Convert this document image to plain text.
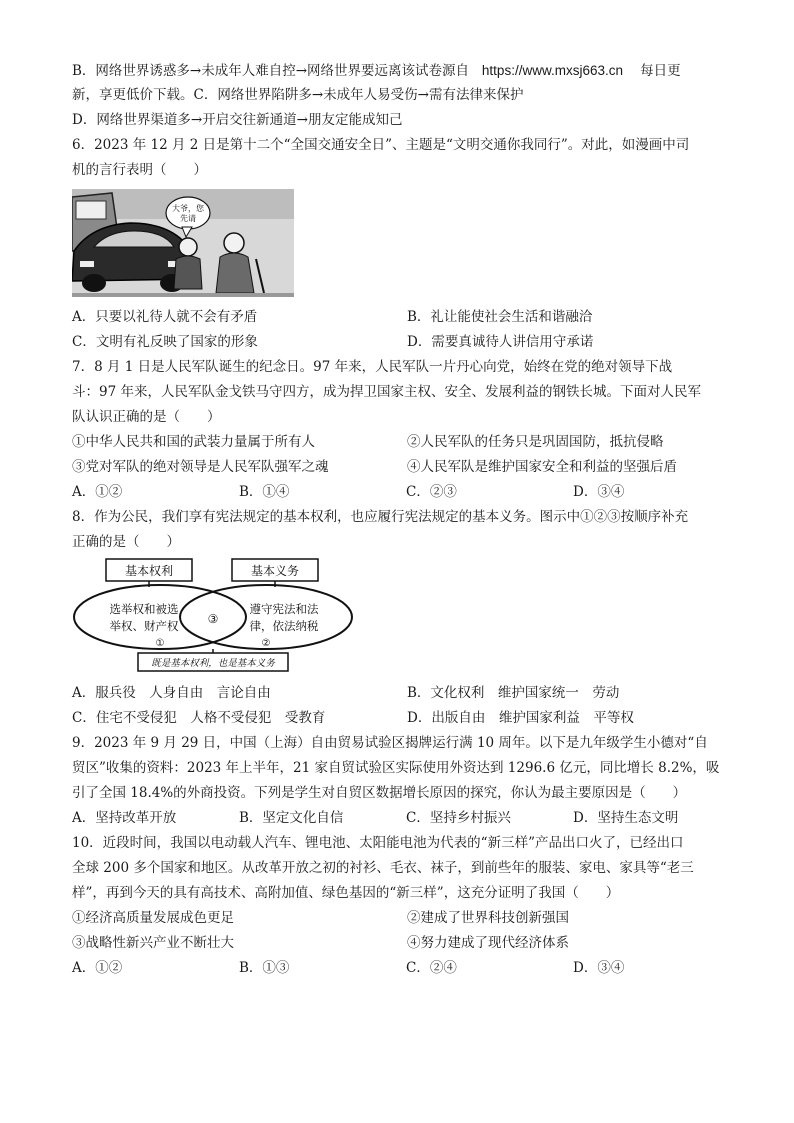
B．网络世界诱惑多→未成年人难自控→网络世界要远离该试卷源自 https://www.mxsj663.cn 每日更
新，享更低价下载。C．网络世界陷阱多→未成年人易受伤→需有法律来保护
D．网络世界渠道多→开启交往新通道→朋友定能成知己
6．2023 年 12 月 2 日是第十二个“全国交通安全日”、主题是“文明交通你我同行”。对此，如漫画中司
机的言行表明（　　）
大爷，您
先请
A．只要以礼待人就不会有矛盾	B．礼让能使社会生活和谐融洽
C．文明有礼反映了国家的形象	D．需要真诚待人讲信用守承诺
7．8 月 1 日是人民军队诞生的纪念日。97 年来，人民军队一片丹心向党，始终在党的绝对领导下战
斗：97 年来，人民军队金戈铁马守四方，成为捍卫国家主权、安全、发展利益的钢铁长城。下面对人民军
队认识正确的是（　　）
①中华人民共和国的武装力量属于所有人	②人民军队的任务只是巩固国防，抵抗侵略
③党对军队的绝对领导是人民军队强军之魂	④人民军队是维护国家安全和利益的坚强后盾
A．①②	B．①④	C．②③	D．③④
8．作为公民，我们享有宪法规定的基本权利，也应履行宪法规定的基本义务。图示中①②③按顺序补充
正确的是（　　）
基本权利	基本义务
选举权和被选
举权、财产权
遵守宪法和法
律，依法纳税
③
①	②
既是基本权利，也是基本义务
A．服兵役　人身自由　言论自由	B．文化权利　维护国家统一　劳动
C．住宅不受侵犯　人格不受侵犯　受教育	D．出版自由　维护国家利益　平等权
9．2023 年 9 月 29 日，中国（上海）自由贸易试验区揭牌运行满 10 周年。以下是九年级学生小德对“自
贸区”收集的资料：2023 年上半年，21 家自贸试验区实际使用外资达到 1296.6 亿元，同比增长 8.2%，吸
引了全国 18.4%的外商投资。下列是学生对自贸区数据增长原因的探究，你认为最主要原因是（　　）
A．坚持改革开放	B．坚定文化自信	C．坚持乡村振兴	D．坚持生态文明
10．近段时间，我国以电动载人汽车、锂电池、太阳能电池为代表的“新三样”产品出口火了，已经出口
全球 200 多个国家和地区。从改革开放之初的衬衫、毛衣、袜子，到前些年的服装、家电、家具等“老三
样”，再到今天的具有高技术、高附加值、绿色基因的“新三样”，这充分证明了我国（　　）
①经济高质量发展成色更足	②建成了世界科技创新强国
③战略性新兴产业不断壮大	④努力建成了现代经济体系
A．①②	B．①③	C．②④	D．③④
